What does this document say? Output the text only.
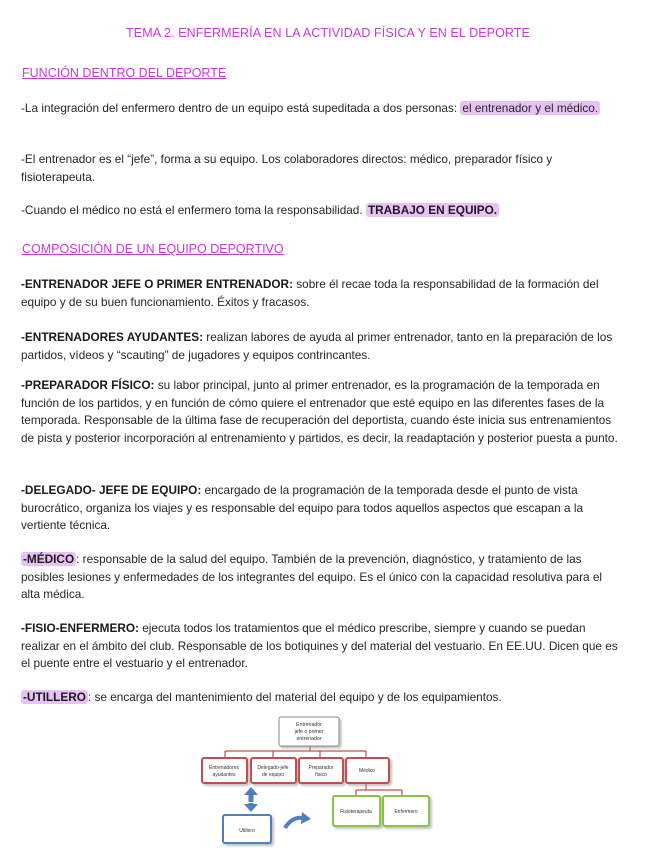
TEMA 2. ENFERMERÍA EN LA ACTIVIDAD FÍSICA Y EN EL DEPORTE
FUNCIÓN DENTRO DEL DEPORTE
-La integración del enfermero dentro de un equipo está supeditada a dos personas: el entrenador y el médico.
-El entrenador es el “jefe”, forma a su equipo. Los colaboradores directos: médico, preparador físico y fisioterapeuta.
-Cuando el médico no está el enfermero toma la responsabilidad. TRABAJO EN EQUIPO.
COMPOSICIÓN DE UN EQUIPO DEPORTIVO
-ENTRENADOR JEFE O PRIMER ENTRENADOR: sobre él recae toda la responsabilidad de la formación del equipo y de su buen funcionamiento. Éxitos y fracasos.
-ENTRENADORES AYUDANTES: realizan labores de ayuda al primer entrenador, tanto en la preparación de los partidos, vídeos y “scauting” de jugadores y equipos contrincantes.
-PREPARADOR FÍSICO: su labor principal, junto al primer entrenador, es la programación de la temporada en función de los partidos, y en función de cómo quiere el entrenador que esté equipo en las diferentes fases de la temporada. Responsable de la última fase de recuperación del deportista, cuando éste inicia sus entrenamientos de pista y posterior incorporación al entrenamiento y partidos, es decir, la readaptación y posterior puesta a punto.
-DELEGADO- JEFE DE EQUIPO: encargado de la programación de la temporada desde el punto de vista burocrático, organiza los viajes y es responsable del equipo para todos aquellos aspectos que escapan a la vertiente técnica.
-MÉDICO : responsable de la salud del equipo. También de la prevención, diagnóstico, y tratamiento de las posibles lesiones y enfermedades de los integrantes del equipo. Es el único con la capacidad resolutiva para el alta médica.
-FISIO-ENFERMERO: ejecuta todos los tratamientos que el médico prescribe, siempre y cuando se puedan realizar en el ámbito del club. Responsable de los botiquines y del material del vestuario. En EE.UU. Dicen que es el puente entre el vestuario y el entrenador.
-UTILLERO : se encarga del mantenimiento del material del equipo y de los equipamientos.
Entrenador
jefe o primer
entrenador
Entrenadores
ayudantes
Delegado-jefe
de equipo
Preparador
físico
Médico
Fisioterapeuta	Enfermero
Utillero
